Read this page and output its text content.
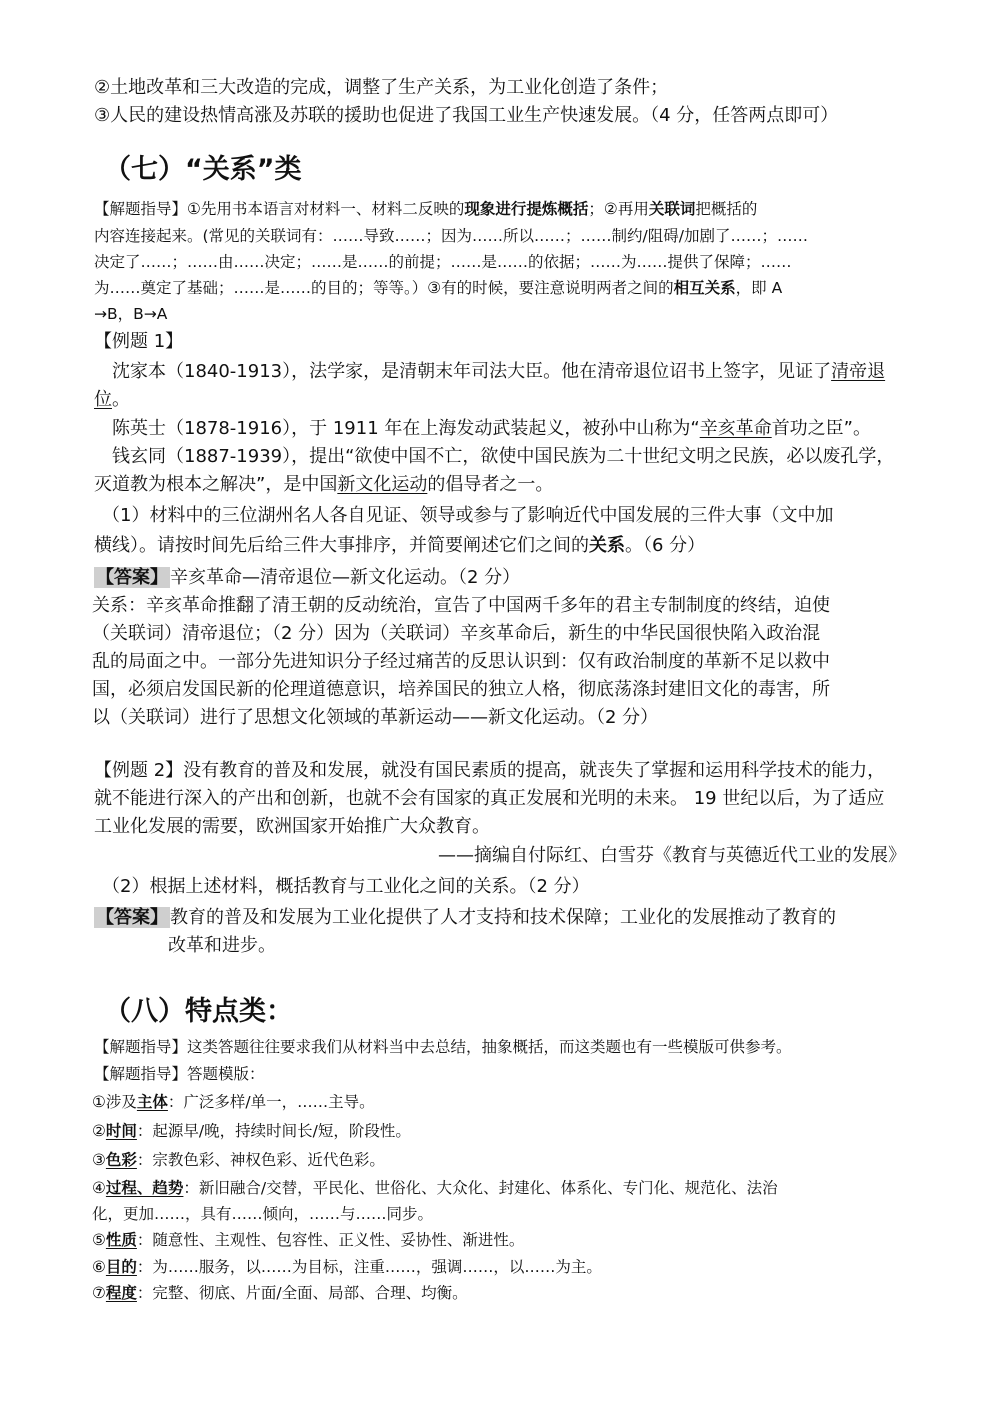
②土地改革和三大改造的完成，调整了生产关系，为工业化创造了条件；

③人民的建设热情高涨及苏联的援助也促进了我国工业生产快速发展。（4 分，任答两点即可）

（七）“关系”类

【解题指导】①先用书本语言对材料一、材料二反映的现象进行提炼概括；②再用关联词把概括的

内容连接起来。(常见的关联词有：……导致……；因为……所以……；……制约/阻碍/加剧了……；……

决定了……；……由……决定；……是……的前提；……是……的依据；……为……提供了保障；……

为……奠定了基础；……是……的目的；等等。）③有的时候，要注意说明两者之间的相互关系，即 A

→B，B→A

【例题 1】

沈家本（1840-1913），法学家，是清朝末年司法大臣。他在清帝退位诏书上签字，见证了清帝退

位。

陈英士（1878-1916），于 1911 年在上海发动武装起义，被孙中山称为“辛亥革命首功之臣”。

钱玄同（1887-1939），提出“欲使中国不亡，欲使中国民族为二十世纪文明之民族，必以废孔学，

灭道教为根本之解决”，是中国新文化运动的倡导者之一。

（1）材料中的三位湖州名人各自见证、领导或参与了影响近代中国发展的三件大事（文中加

横线）。请按时间先后给三件大事排序，并简要阐述它们之间的关系。（6 分）

【答案】 辛亥革命—清帝退位—新文化运动。（2 分）

关系：辛亥革命推翻了清王朝的反动统治，宣告了中国两千多年的君主专制制度的终结，迫使

（关联词）清帝退位；（2 分）因为（关联词）辛亥革命后，新生的中华民国很快陷入政治混

乱的局面之中。一部分先进知识分子经过痛苦的反思认识到：仅有政治制度的革新不足以救中

国，必须启发国民新的伦理道德意识，培养国民的独立人格，彻底荡涤封建旧文化的毒害，所

以（关联词）进行了思想文化领域的革新运动——新文化运动。（2 分）

【例题 2】没有教育的普及和发展，就没有国民素质的提高，就丧失了掌握和运用科学技术的能力，

就不能进行深入的产出和创新，也就不会有国家的真正发展和光明的未来。 19 世纪以后，为了适应

工业化发展的需要，欧洲国家开始推广大众教育。

——摘编自付际红、白雪芬《教育与英德近代工业的发展》

（2）根据上述材料，概括教育与工业化之间的关系。（2 分）

【答案】 教育的普及和发展为工业化提供了人才支持和技术保障；工业化的发展推动了教育的

改革和进步。

（八）特点类：

【解题指导】这类答题往往要求我们从材料当中去总结，抽象概括，而这类题也有一些模版可供参考。

【解题指导】答题模版：

①涉及主体：广泛多样/单一，……主导。

②时间：起源早/晚，持续时间长/短，阶段性。

③色彩：宗教色彩、神权色彩、近代色彩。

④过程、趋势：新旧融合/交替，平民化、世俗化、大众化、封建化、体系化、专门化、规范化、法治

化，更加……，具有……倾向，……与……同步。

⑤性质：随意性、主观性、包容性、正义性、妥协性、渐进性。

⑥目的：为……服务，以……为目标，注重……，强调……，以……为主。

⑦程度：完整、彻底、片面/全面、局部、合理、均衡。
